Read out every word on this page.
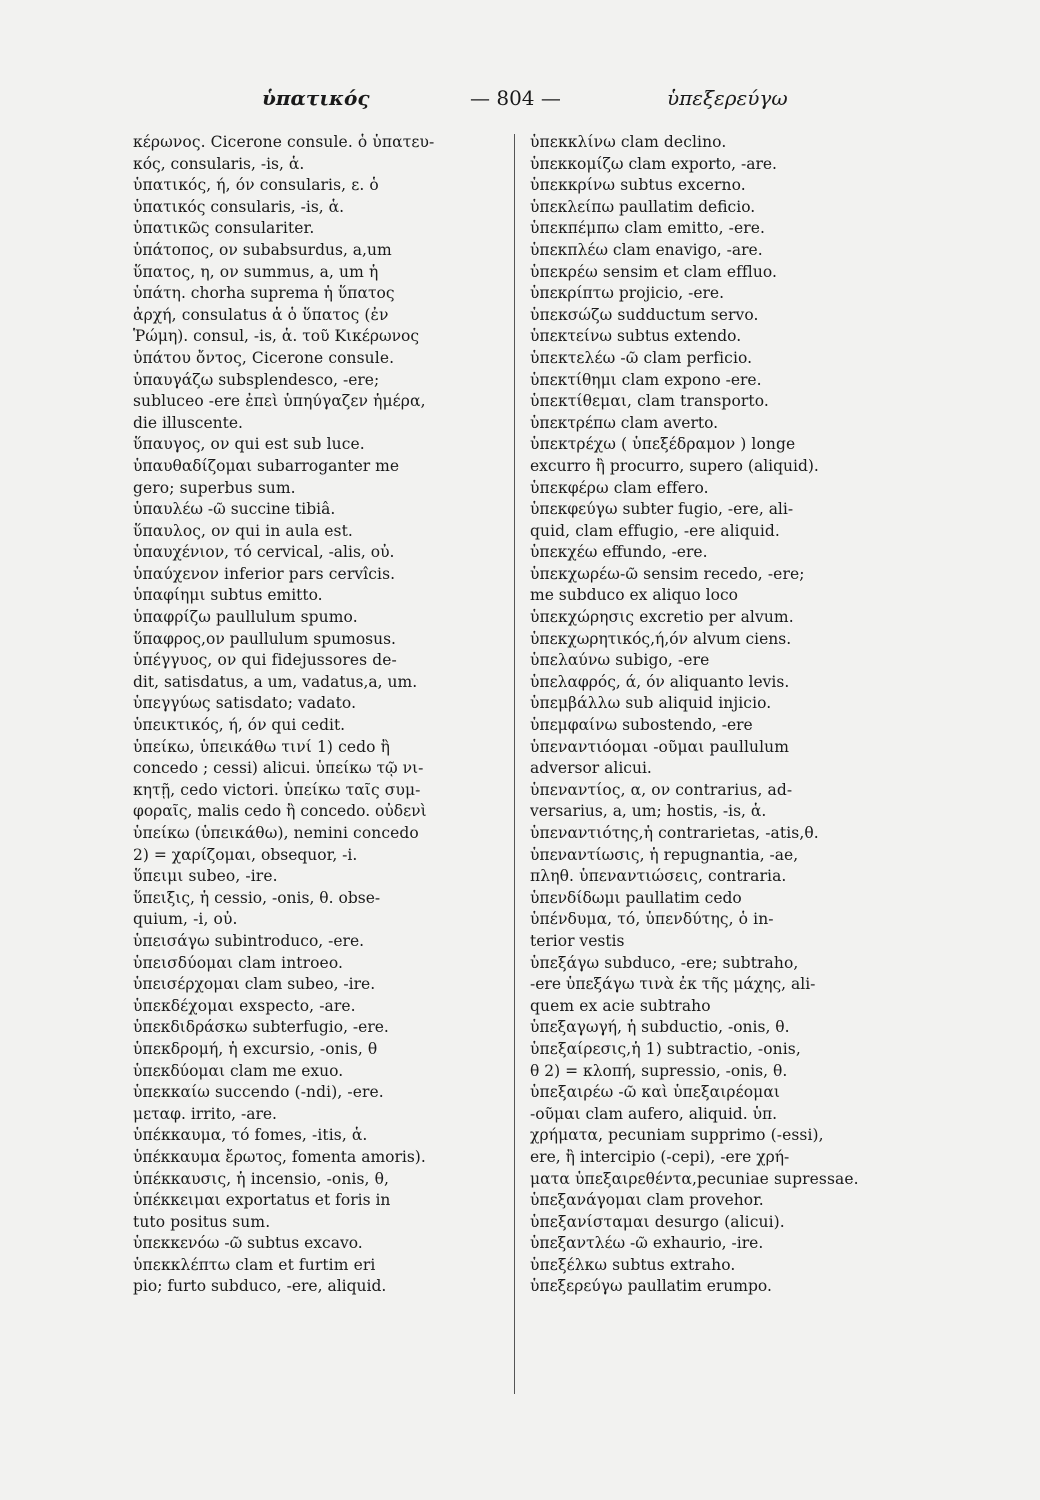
ὑπατικός	— 804 —	ὑπεξερεύγω
κέρωνος. Cicerone consule. ὁ ὑπατευ-
κός, consularis, -is, ἁ.
ὑπατικός, ή, όν consularis, ε. ὁ
ὑπατικός consularis, -is, ἁ.
ὑπατικῶς consulariter.
ὑπάτοπος, ον subabsurdus, a,um
ὕπατος, η, ον summus, a, um ἡ
ὑπάτη. chorha suprema ἡ ὕπατος
ἀρχή, consulatus ἁ ὁ ὕπατος (ἐν
Ῥώμη). consul, -is, ἁ. τοῦ Κικέρωνος
ὑπάτου ὄντος, Cicerone consule.
ὑπαυγάζω subsplendesco, -ere;
subluceo -ere ἐπεὶ ὑπηύγαζεν ἡμέρα,
die illuscente.
ὕπαυγος, ον qui est sub luce.
ὑπαυθαδίζομαι subarroganter me
gero; superbus sum.
ὑπαυλέω -ῶ succine tibiâ.
ὕπαυλος, ον qui in aula est.
ὑπαυχένιον, τό cervical, -alis, οὐ.
ὑπαύχενον inferior pars cervîcis.
ὑπαφίημι subtus emitto.
ὑπαφρίζω paullulum spumo.
ὕπαφρος,ον paullulum spumosus.
ὑπέγγυος, ον qui fidejussores de-
dit, satisdatus, a um, vadatus,a, um.
ὑπεγγύως satisdato; vadato.
ὑπεικτικός, ή, όν qui cedit.
ὑπείκω, ὑπεικάθω τινί 1) cedo ἢ
concedo ; cessi) alicui. ὑπείκω τῷ νι-
κητῇ, cedo victori. ὑπείκω ταῖς συμ-
φοραῖς, malis cedo ἢ concedo. οὐδενὶ
ὑπείκω (ὑπεικάθω), nemini concedo
2) = χαρίζομαι, obsequor, -i.
ὕπειμι subeo, -ire.
ὕπειξις, ἡ cessio, -onis, θ. obse-
quium, -i, οὐ.
ὑπεισάγω subintroduco, -ere.
ὑπεισδύομαι clam introeo.
ὑπεισέρχομαι clam subeo, -ire.
ὑπεκδέχομαι exspecto, -are.
ὑπεκδιδράσκω subterfugio, -ere.
ὑπεκδρομή, ἡ excursio, -onis, θ
ὑπεκδύομαι clam me exuo.
ὑπεκκαίω succendo (-ndi), -ere.
μεταφ. irrito, -are.
ὑπέκκαυμα, τό fomes, -itis, ἁ.
ὑπέκκαυμα ἔρωτος, fomenta amoris).
ὑπέκκαυσις, ἡ incensio, -onis, θ,
ὑπέκκειμαι exportatus et foris in
tuto positus sum.
ὑπεκκενόω -ῶ subtus excavo.
ὑπεκκλέπτω clam et furtim eri
pio; furto subduco, -ere, aliquid.
ὑπεκκλίνω clam declino.
ὑπεκκομίζω clam exporto, -are.
ὑπεκκρίνω subtus excerno.
ὑπεκλείπω paullatim deficio.
ὑπεκπέμπω clam emitto, -ere.
ὑπεκπλέω clam enavigo, -are.
ὑπεκρέω sensim et clam effluo.
ὑπεκρίπτω projicio, -ere.
ὑπεκσώζω sudductum servo.
ὑπεκτείνω subtus extendo.
ὑπεκτελέω -ῶ clam perficio.
ὑπεκτίθημι clam expono -ere.
ὑπεκτίθεμαι, clam transporto.
ὑπεκτρέπω clam averto.
ὑπεκτρέχω ( ὑπεξέδραμον ) longe
excurro ἢ procurro, supero (aliquid).
ὑπεκφέρω clam effero.
ὑπεκφεύγω subter fugio, -ere, ali-
quid, clam effugio, -ere aliquid.
ὑπεκχέω effundo, -ere.
ὑπεκχωρέω-ῶ sensim recedo, -ere;
me subduco ex aliquo loco
ὑπεκχώρησις excretio per alvum.
ὑπεκχωρητικός,ή,όν alvum ciens.
ὑπελαύνω subigo, -ere
ὑπελαφρός, ά, όν aliquanto levis.
ὑπεμβάλλω sub aliquid injicio.
ὑπεμφαίνω subostendo, -ere
ὑπεναντιόομαι -οῦμαι paullulum
adversor alicui.
ὑπεναντίος, α, ον contrarius, ad-
versarius, a, um; hostis, -is, ἁ.
ὑπεναντιότης,ἡ contrarietas, -atis,θ.
ὑπεναντίωσις, ἡ repugnantia, -ae,
πληθ. ὑπεναντιώσεις, contraria.
ὑπενδίδωμι paullatim cedo
ὑπένδυμα, τό, ὑπενδύτης, ὁ in-
terior vestis
ὑπεξάγω subduco, -ere; subtraho,
-ere ὑπεξάγω τινὰ ἐκ τῆς μάχης, ali-
quem ex acie subtraho
ὑπεξαγωγή, ἡ subductio, -onis, θ.
ὑπεξαίρεσις,ἡ 1) subtractio, -onis,
θ 2) = κλοπή, supressio, -onis, θ.
ὑπεξαιρέω -ῶ καὶ ὑπεξαιρέομαι
-οῦμαι clam aufero, aliquid. ὑπ.
χρήματα, pecuniam supprimo (-essi),
ere, ἢ intercipio (-cepi), -ere χρή-
ματα ὑπεξαιρεθέντα,pecuniae supressae.
ὑπεξανάγομαι clam provehor.
ὑπεξανίσταμαι desurgo (alicui).
ὑπεξαντλέω -ῶ exhaurio, -ire.
ὑπεξέλκω subtus extraho.
ὑπεξερεύγω paullatim erumpo.
